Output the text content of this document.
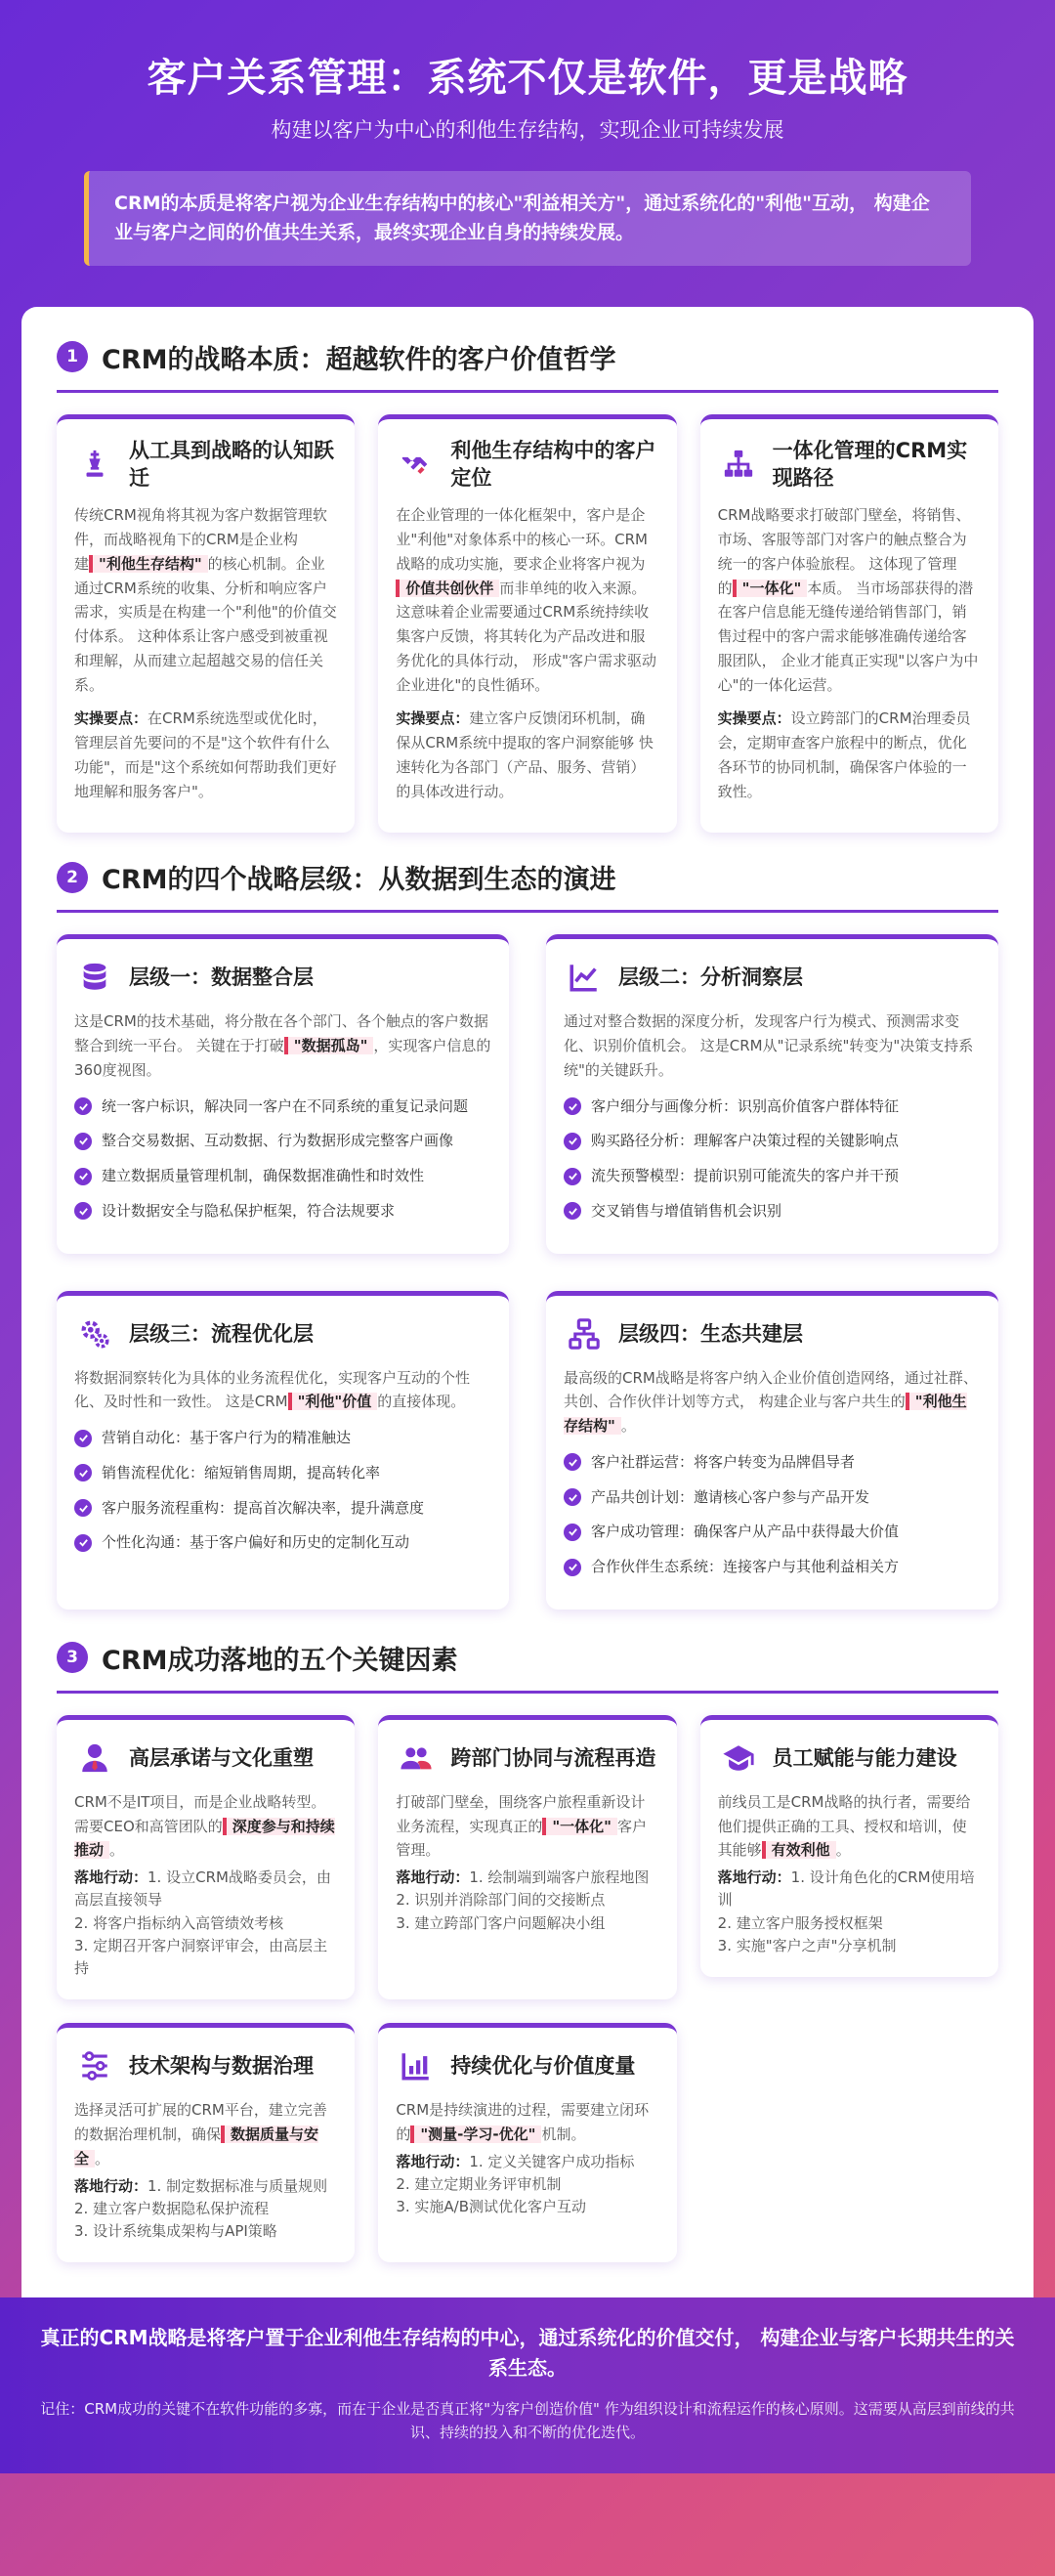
客户关系管理：系统不仅是软件，更是战略
构建以客户为中心的利他生存结构，实现企业可持续发展
CRM的本质是将客户视为企业生存结构中的核心"利益相关方"，通过系统化的"利他"互动， 构建企业与客户之间的价值共生关系，最终实现企业自身的持续发展。
1 CRM的战略本质：超越软件的客户价值哲学
从工具到战略的认知跃迁

传统CRM视角将其视为客户数据管理软件，而战略视角下的CRM是企业构建 "利他生存结构" 的核心机制。企业通过CRM系统的收集、分析和响应客户需求，实质是在构建一个"利他"的价值交付体系。 这种体系让客户感受到被重视和理解，从而建立起超越交易的信任关系。

实操要点：在CRM系统选型或优化时，管理层首先要问的不是"这个软件有什么功能"，而是"这个系统如何帮助我们更好地理解和服务客户"。

利他生存结构中的客户定位

在企业管理的一体化框架中，客户是企业"利他"对象体系中的核心一环。CRM战略的成功实施，要求企业将客户视为价值共创伙伴 而非单纯的收入来源。 这意味着企业需要通过CRM系统持续收集客户反馈，将其转化为产品改进和服务优化的具体行动， 形成"客户需求驱动企业进化"的良性循环。

实操要点：建立客户反馈闭环机制，确保从CRM系统中提取的客户洞察能够 快速转化为各部门（产品、服务、营销）的具体改进行动。

一体化管理的CRM实现路径

CRM战略要求打破部门壁垒，将销售、市场、客服等部门对客户的触点整合为统一的客户体验旅程。 这体现了管理的 "一体化" 本质。 当市场部获得的潜在客户信息能无缝传递给销售部门，销售过程中的客户需求能够准确传递给客服团队， 企业才能真正实现"以客户为中心"的一体化运营。

实操要点：设立跨部门的CRM治理委员会，定期审查客户旅程中的断点，优化各环节的协同机制，确保客户体验的一致性。

2 CRM的四个战略层级：从数据到生态的演进
层级一：数据整合层

这是CRM的技术基础，将分散在各个部门、各个触点的客户数据整合到统一平台。 关键在于打破 "数据孤岛" ，实现客户信息的360度视图。

统一客户标识，解决同一客户在不同系统的重复记录问题
整合交易数据、互动数据、行为数据形成完整客户画像
建立数据质量管理机制，确保数据准确性和时效性
设计数据安全与隐私保护框架，符合法规要求
层级二：分析洞察层

通过对整合数据的深度分析，发现客户行为模式、预测需求变化、识别价值机会。 这是CRM从"记录系统"转变为"决策支持系统"的关键跃升。

客户细分与画像分析：识别高价值客户群体特征
购买路径分析：理解客户决策过程的关键影响点
流失预警模型：提前识别可能流失的客户并干预
交叉销售与增值销售机会识别
层级三：流程优化层

将数据洞察转化为具体的业务流程优化，实现客户互动的个性化、及时性和一致性。 这是CRM "利他"价值 的直接体现。

营销自动化：基于客户行为的精准触达
销售流程优化：缩短销售周期，提高转化率
客户服务流程重构：提高首次解决率，提升满意度
个性化沟通：基于客户偏好和历史的定制化互动
层级四：生态共建层

最高级的CRM战略是将客户纳入企业价值创造网络，通过社群、共创、合作伙伴计划等方式， 构建企业与客户共生的 "利他生存结构" 。

客户社群运营：将客户转变为品牌倡导者
产品共创计划：邀请核心客户参与产品开发
客户成功管理：确保客户从产品中获得最大价值
合作伙伴生态系统：连接客户与其他利益相关方
3 CRM成功落地的五个关键因素
高层承诺与文化重塑

CRM不是IT项目，而是企业战略转型。需要CEO和高管团队的 深度参与和持续推动 。

落地行动：1. 设立CRM战略委员会，由高层直接领导
2. 将客户指标纳入高管绩效考核
3. 定期召开客户洞察评审会，由高层主持
跨部门协同与流程再造

打破部门壁垒，围绕客户旅程重新设计业务流程，实现真正的 "一体化" 客户管理。

落地行动：1. 绘制端到端客户旅程地图
2. 识别并消除部门间的交接断点
3. 建立跨部门客户问题解决小组
员工赋能与能力建设

前线员工是CRM战略的执行者，需要给他们提供正确的工具、授权和培训，使其能够 有效利他 。

落地行动：1. 设计角色化的CRM使用培训
2. 建立客户服务授权框架
3. 实施"客户之声"分享机制
技术架构与数据治理

选择灵活可扩展的CRM平台，建立完善的数据治理机制，确保 数据质量与安全 。

落地行动：1. 制定数据标准与质量规则
2. 建立客户数据隐私保护流程
3. 设计系统集成架构与API策略
持续优化与价值度量

CRM是持续演进的过程，需要建立闭环的 "测量-学习-优化" 机制。

落地行动：1. 定义关键客户成功指标
2. 建立定期业务评审机制
3. 实施A/B测试优化客户互动
真正的CRM战略是将客户置于企业利他生存结构的中心，通过系统化的价值交付， 构建企业与客户长期共生的关系生态。
记住：CRM成功的关键不在软件功能的多寡，而在于企业是否真正将"为客户创造价值" 作为组织设计和流程运作的核心原则。这需要从高层到前线的共识、持续的投入和不断的优化迭代。
